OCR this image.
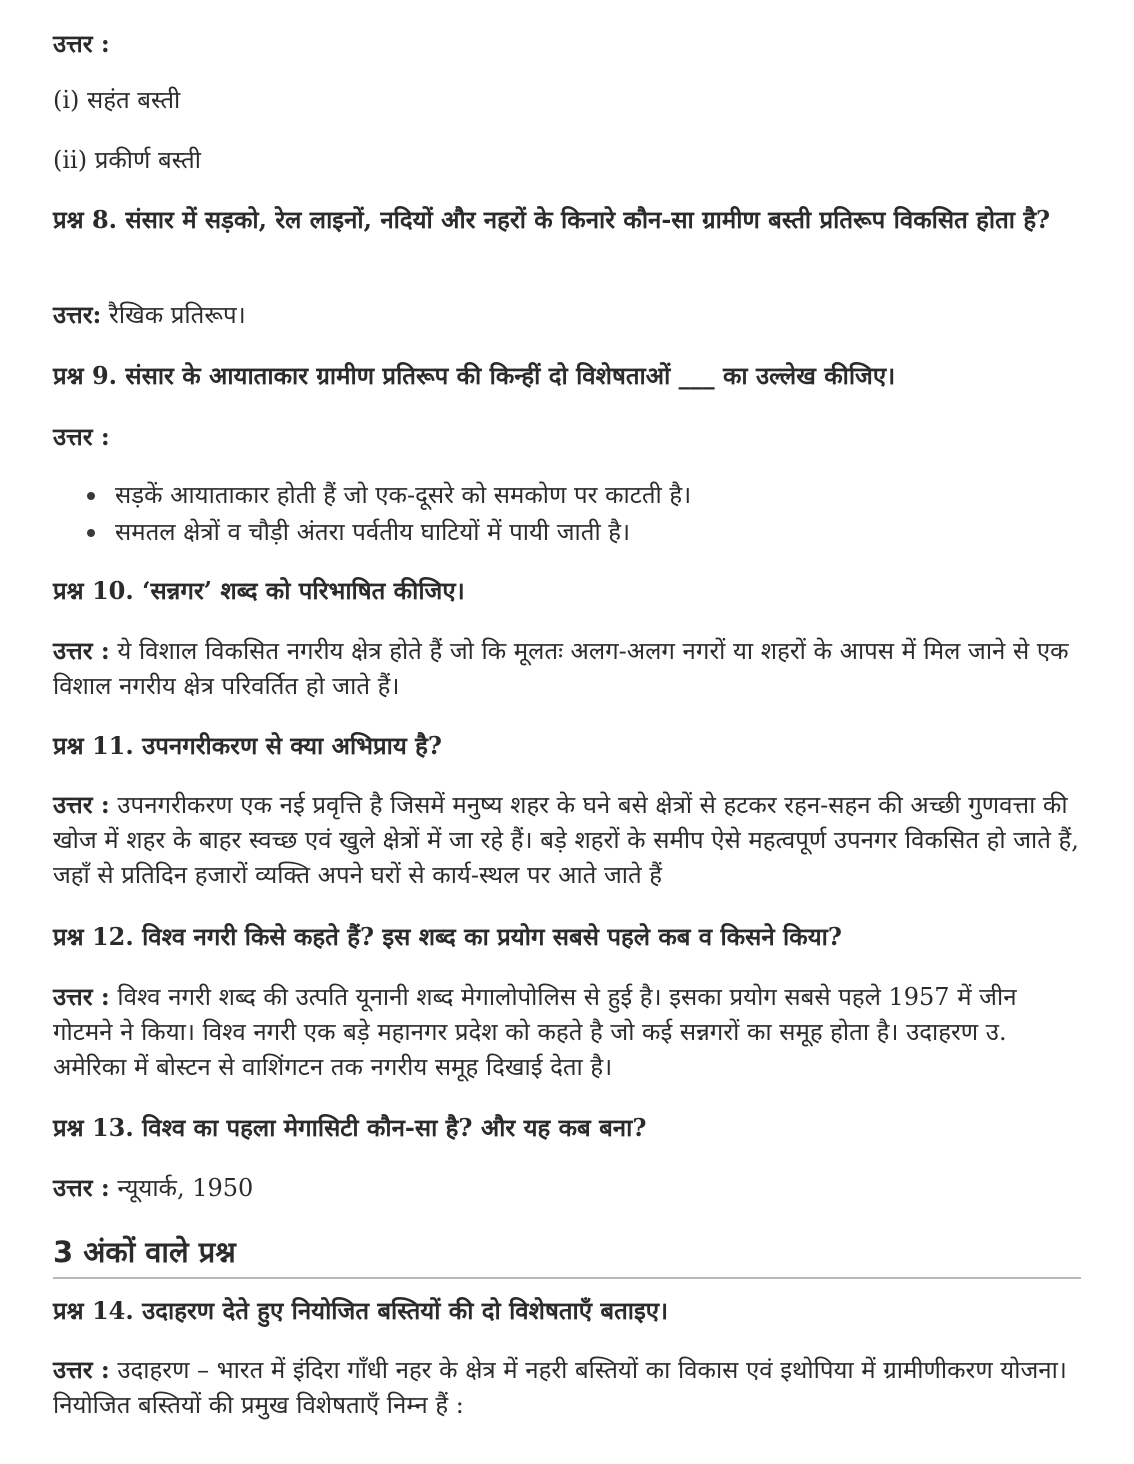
उत्तर :

(i) सहंत बस्ती

(ii) प्रकीर्ण बस्ती

प्रश्न 8. संसार में सड़को, रेल लाइनों, नदियों और नहरों के किनारे कौन-सा ग्रामीण बस्ती प्रतिरूप विकसित होता है?

उत्तर: रैखिक प्रतिरूप।

प्रश्न 9. संसार के आयाताकार ग्रामीण प्रतिरूप की किन्हीं दो विशेषताओं ___ का उल्लेख कीजिए।

उत्तर :

सड़कें आयाताकार होती हैं जो एक-दूसरे को समकोण पर काटती है।
समतल क्षेत्रों व चौड़ी अंतरा पर्वतीय घाटियों में पायी जाती है।

प्रश्न 10. ‘सन्नगर’ शब्द को परिभाषित कीजिए।

उत्तर : ये विशाल विकसित नगरीय क्षेत्र होते हैं जो कि मूलतः अलग-अलग नगरों या शहरों के आपस में मिल जाने से एक विशाल नगरीय क्षेत्र परिवर्तित हो जाते हैं।

प्रश्न 11. उपनगरीकरण से क्या अभिप्राय है?

उत्तर : उपनगरीकरण एक नई प्रवृत्ति है जिसमें मनुष्य शहर के घने बसे क्षेत्रों से हटकर रहन-सहन की अच्छी गुणवत्ता की खोज में शहर के बाहर स्वच्छ एवं खुले क्षेत्रों में जा रहे हैं। बड़े शहरों के समीप ऐसे महत्वपूर्ण उपनगर विकसित हो जाते हैं, जहाँ से प्रतिदिन हजारों व्यक्ति अपने घरों से कार्य-स्थल पर आते जाते हैं

प्रश्न 12. विश्व नगरी किसे कहते हैं? इस शब्द का प्रयोग सबसे पहले कब व किसने किया?

उत्तर : विश्व नगरी शब्द की उत्पति यूनानी शब्द मेगालोपोलिस से हुई है। इसका प्रयोग सबसे पहले 1957 में जीन गोटमने ने किया। विश्व नगरी एक बड़े महानगर प्रदेश को कहते है जो कई सन्नगरों का समूह होता है। उदाहरण उ. अमेरिका में बोस्टन से वाशिंगटन तक नगरीय समूह दिखाई देता है।

प्रश्न 13. विश्व का पहला मेगासिटी कौन-सा है? और यह कब बना?

उत्तर : न्यूयार्क, 1950

3 अंकों वाले प्रश्न

प्रश्न 14. उदाहरण देते हुए नियोजित बस्तियों की दो विशेषताएँ बताइए।

उत्तर : उदाहरण – भारत में इंदिरा गाँधी नहर के क्षेत्र में नहरी बस्तियों का विकास एवं इथोपिया में ग्रामीणीकरण योजना। नियोजित बस्तियों की प्रमुख विशेषताएँ निम्न हैं :
